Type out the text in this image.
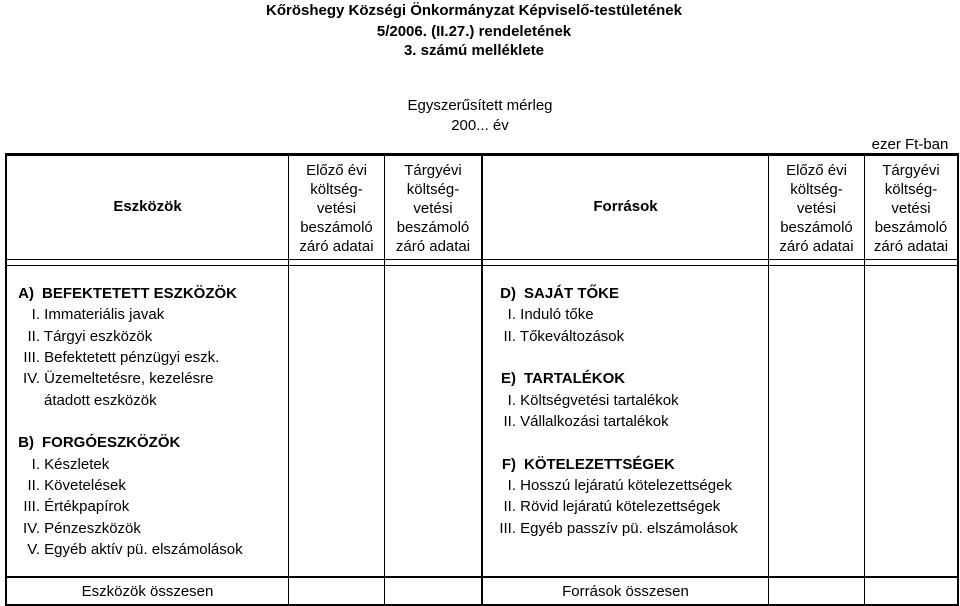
Kőröshegy Községi Önkormányzat Képviselő-testületének
5/2006. (II.27.) rendeletének
3. számú melléklete
Egyszerűsített mérleg
200... év
ezer Ft-ban
Eszközök
Előző évi
költség-
vetési
beszámoló
záró adatai
Tárgyévi
költség-
vetési
beszámoló
záró adatai
Források
Előző évi
költség-
vetési
beszámoló
záró adatai
Tárgyévi
költség-
vetési
beszámoló
záró adatai
A) BEFEKTETETT ESZKÖZÖK
I. Immateriális javak
II. Tárgyi eszközök
III. Befektetett pénzügyi eszk.
IV. Üzemeltetésre, kezelésre
átadott eszközök
B) FORGÓESZKÖZÖK
I. Készletek
II. Követelések
III. Értékpapírok
IV. Pénzeszközök
V. Egyéb aktív pü. elszámolások
D) SAJÁT TŐKE
I. Induló tőke
II. Tőkeváltozások
E) TARTALÉKOK
I. Költségvetési tartalékok
II. Vállalkozási tartalékok
F) KÖTELEZETTSÉGEK
I. Hosszú lejáratú kötelezettségek
II. Rövid lejáratú kötelezettségek
III. Egyéb passzív pü. elszámolások
Eszközök összesen	Források összesen
